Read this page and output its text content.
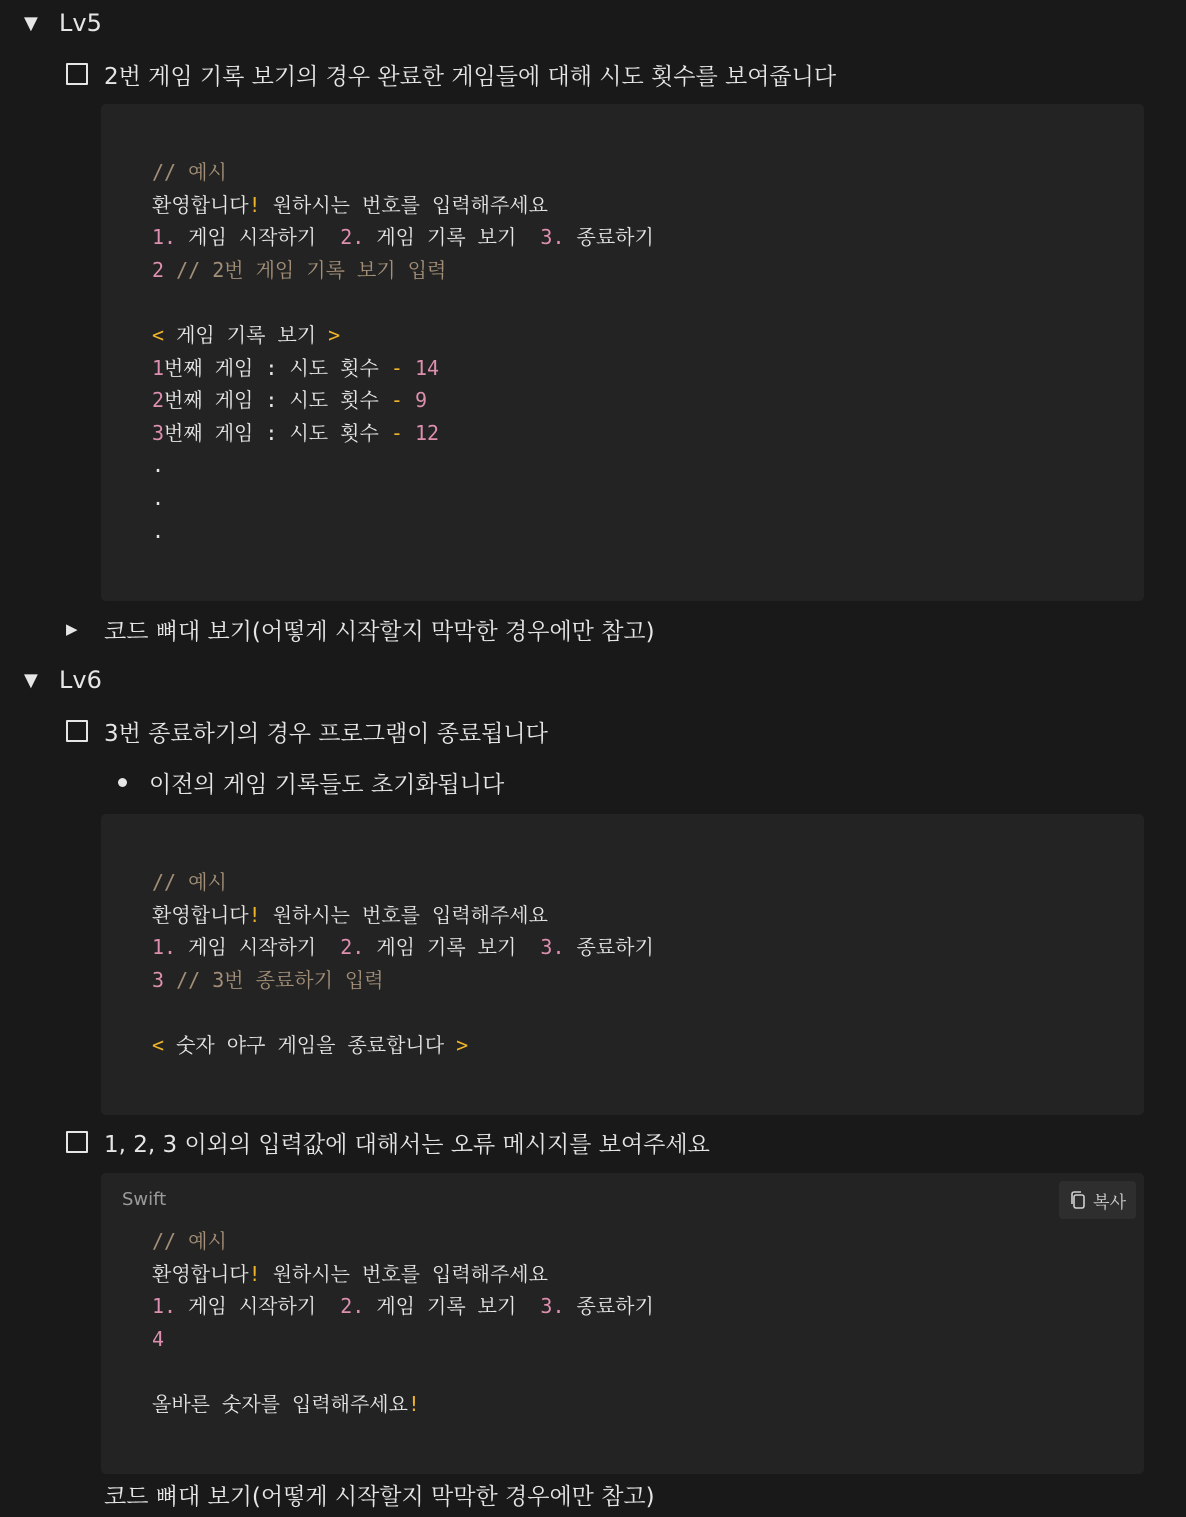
▼ Lv5
2번 게임 기록 보기의 경우 완료한 게임들에 대해 시도 횟수를 보여줍니다
// 예시
환영합니다! 원하시는 번호를 입력해주세요
1. 게임 시작하기  2. 게임 기록 보기  3. 종료하기
2 // 2번 게임 기록 보기 입력

< 게임 기록 보기 >
1번째 게임 : 시도 횟수 - 14
2번째 게임 : 시도 횟수 - 9
3번째 게임 : 시도 횟수 - 12
.
.
.
▶	코드 뼈대 보기(어떻게 시작할지 막막한 경우에만 참고)
▼ Lv6
3번 종료하기의 경우 프로그램이 종료됩니다
이전의 게임 기록들도 초기화됩니다
// 예시
환영합니다! 원하시는 번호를 입력해주세요
1. 게임 시작하기  2. 게임 기록 보기  3. 종료하기
3 // 3번 종료하기 입력

< 숫자 야구 게임을 종료합니다 >
1, 2, 3 이외의 입력값에 대해서는 오류 메시지를 보여주세요
Swift	복사
// 예시
환영합니다! 원하시는 번호를 입력해주세요
1. 게임 시작하기  2. 게임 기록 보기  3. 종료하기
4

올바른 숫자를 입력해주세요!
코드 뼈대 보기(어떻게 시작할지 막막한 경우에만 참고)
